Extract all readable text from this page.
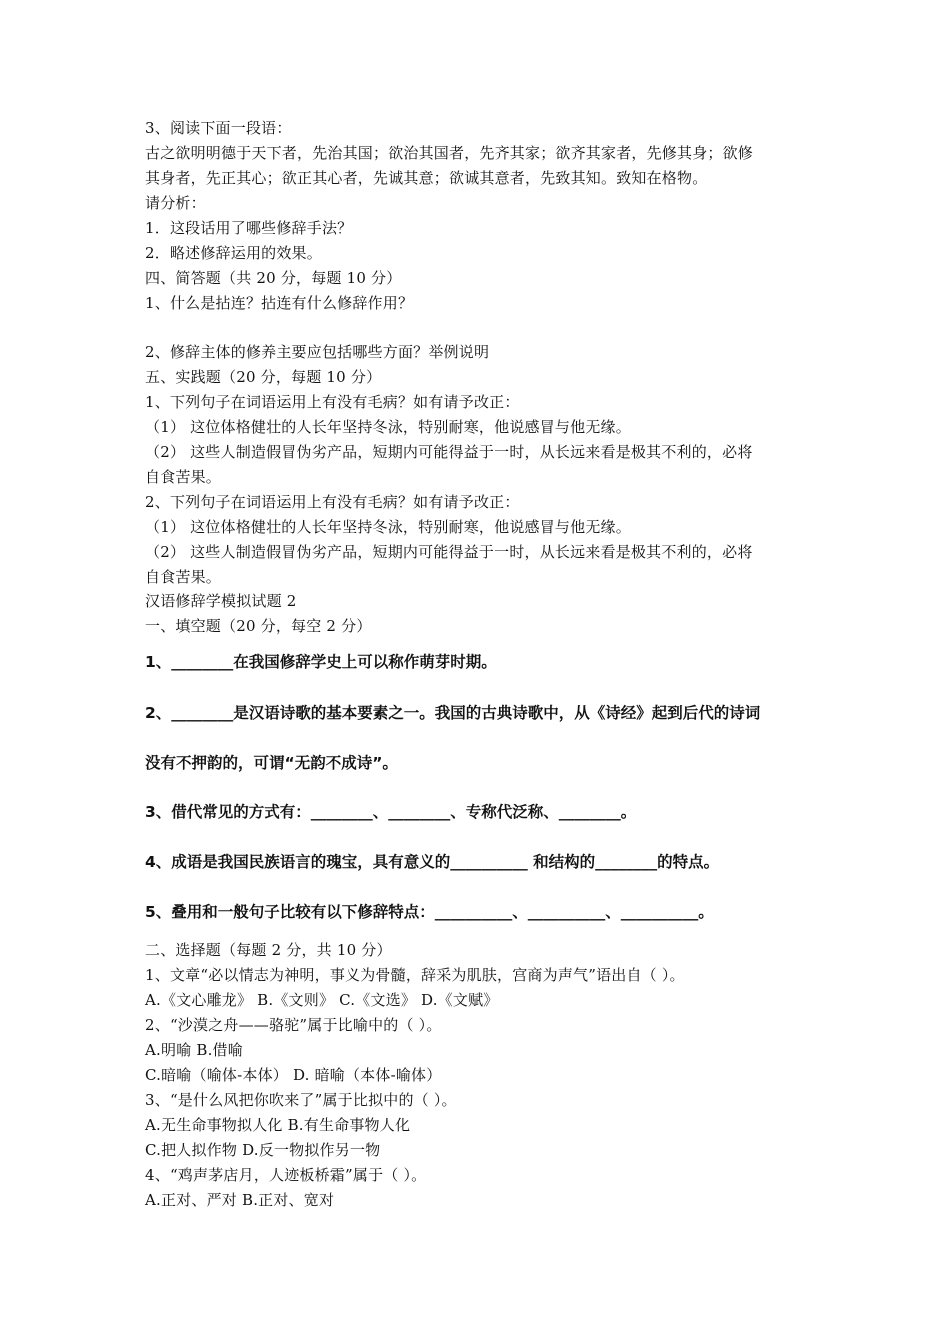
3、阅读下面一段语：
古之欲明明德于天下者，先治其国；欲治其国者，先齐其家；欲齐其家者，先修其身；欲修
其身者，先正其心；欲正其心者，先诚其意；欲诚其意者，先致其知。致知在格物。
请分析：
1．这段话用了哪些修辞手法？
2．略述修辞运用的效果。
四、简答题（共 20 分，每题 10 分）
1、什么是拈连？拈连有什么修辞作用？
2、修辞主体的修养主要应包括哪些方面？举例说明
五、实践题（20 分，每题 10 分）
1、下列句子在词语运用上有没有毛病？如有请予改正：
（1） 这位体格健壮的人长年坚持冬泳，特别耐寒，他说感冒与他无缘。
（2） 这些人制造假冒伪劣产品，短期内可能得益于一时，从长远来看是极其不利的，必将
自食苦果。
2、下列句子在词语运用上有没有毛病？如有请予改正：
（1） 这位体格健壮的人长年坚持冬泳，特别耐寒，他说感冒与他无缘。
（2） 这些人制造假冒伪劣产品，短期内可能得益于一时，从长远来看是极其不利的，必将
自食苦果。
汉语修辞学模拟试题 2
一、填空题（20 分，每空 2 分）
1、________在我国修辞学史上可以称作萌芽时期。
2、________是汉语诗歌的基本要素之一。我国的古典诗歌中，从《诗经》起到后代的诗词
没有不押韵的，可谓“无韵不成诗”。
3、借代常见的方式有：________、________、专称代泛称、________。
4、成语是我国民族语言的瑰宝，具有意义的__________ 和结构的________的特点。
5、叠用和一般句子比较有以下修辞特点：__________、__________、__________。
二、选择题（每题 2 分，共 10 分）
1、文章“必以情志为神明，事义为骨髓，辞采为肌肤，宫商为声气”语出自（ ）。
A.《文心雕龙》 B.《文则》 C.《文选》 D.《文赋》
2、“沙漠之舟——骆驼”属于比喻中的（ ）。
A.明喻 B.借喻
C.暗喻（喻体-本体） D. 暗喻（本体-喻体）
3、“是什么风把你吹来了”属于比拟中的（ ）。
A.无生命事物拟人化 B.有生命事物人化
C.把人拟作物 D.反一物拟作另一物
4、“鸡声茅店月，人迹板桥霜”属于（ ）。
A.正对、严对 B.正对、宽对
